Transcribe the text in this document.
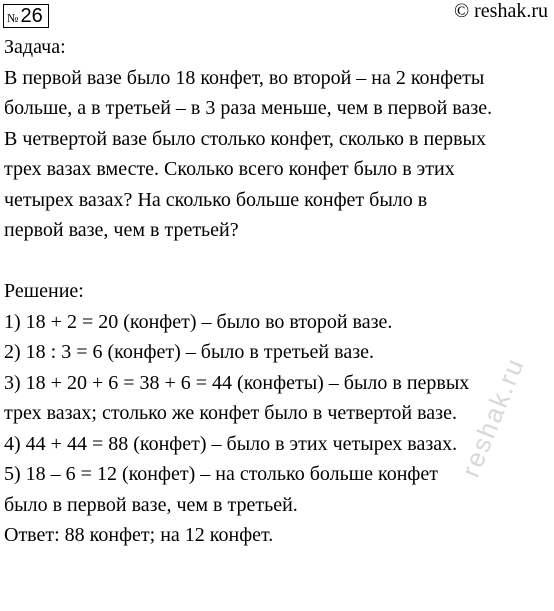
№ 26	© reshak.ru
Задача:
В первой вазе было 18 конфет, во второй – на 2 конфеты
больше, а в третьей – в 3 раза меньше, чем в первой вазе.
В четвертой вазе было столько конфет, сколько в первых
трех вазах вместе. Сколько всего конфет было в этих
четырех вазах? На сколько больше конфет было в
первой вазе, чем в третьей?
Решение:
1) 18 + 2 = 20 (конфет) – было во второй вазе.
2) 18 : 3 = 6 (конфет) – было в третьей вазе.
3) 18 + 20 + 6 = 38 + 6 = 44 (конфеты) – было в первых
трех вазах; столько же конфет было в четвертой вазе.
4) 44 + 44 = 88 (конфет) – было в этих четырех вазах.
5) 18 – 6 = 12 (конфет) – на столько больше конфет
было в первой вазе, чем в третьей.
Ответ: 88 конфет; на 12 конфет.
reshak.ru
